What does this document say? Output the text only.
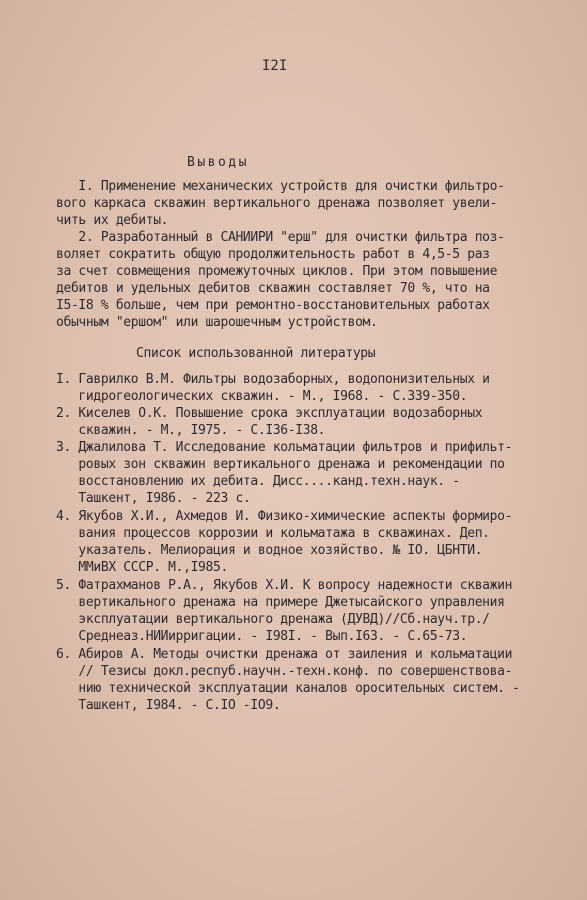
I2I
Выводы
I. Применение механических устройств для очистки фильтро-
вого каркаса скважин вертикального дренажа позволяет увели-
чить их дебиты.
2. Разработанный в САНИИРИ "ерш" для очистки фильтра поз-
воляет сократить общую продолжительность работ в 4,5-5 раз
за счет совмещения промежуточных циклов. При этом повышение
дебитов и удельных дебитов скважин составляет 70 %, что на
I5-I8 % больше, чем при ремонтно-восстановительных работах
обычным "ершом" или шарошечным устройством.
Список использованной литературы
I. Гаврилко В.М. Фильтры водозаборных, водопонизительных и
гидрогеологических скважин. - М., I968. - С.339-350.
2. Киселев О.К. Повышение срока эксплуатации водозаборных
скважин. - М., I975. - С.I36-I38.
3. Джалилова Т. Исследование кольматации фильтров и прифильт-
ровых зон скважин вертикального дренажа и рекомендации по
восстановлению их дебита. Дисс....канд.техн.наук. -
Ташкент, I986. - 223 с.
4. Якубов Х.И., Ахмедов И. Физико-химические аспекты формиро-
вания процессов коррозии и кольматажа в скважинах. Деп.
указатель. Мелиорация и водное хозяйство. № IO. ЦБНТИ.
ММиВХ СССР. М.,I985.
5. Фатрахманов Р.А., Якубов Х.И. К вопросу надежности скважин
вертикального дренажа на примере Джетысайского управления
эксплуатации вертикального дренажа (ДУВД)//Сб.науч.тр./
Среднеаз.НИИирригации. - I98I. - Вып.I63. - С.65-73.
6. Абиров А. Методы очистки дренажа от заиления и кольматации
// Тезисы докл.респуб.научн.-техн.конф. по совершенствова-
нию технической эксплуатации каналов оросительных систем. -
Ташкент, I984. - С.IO -IO9.
